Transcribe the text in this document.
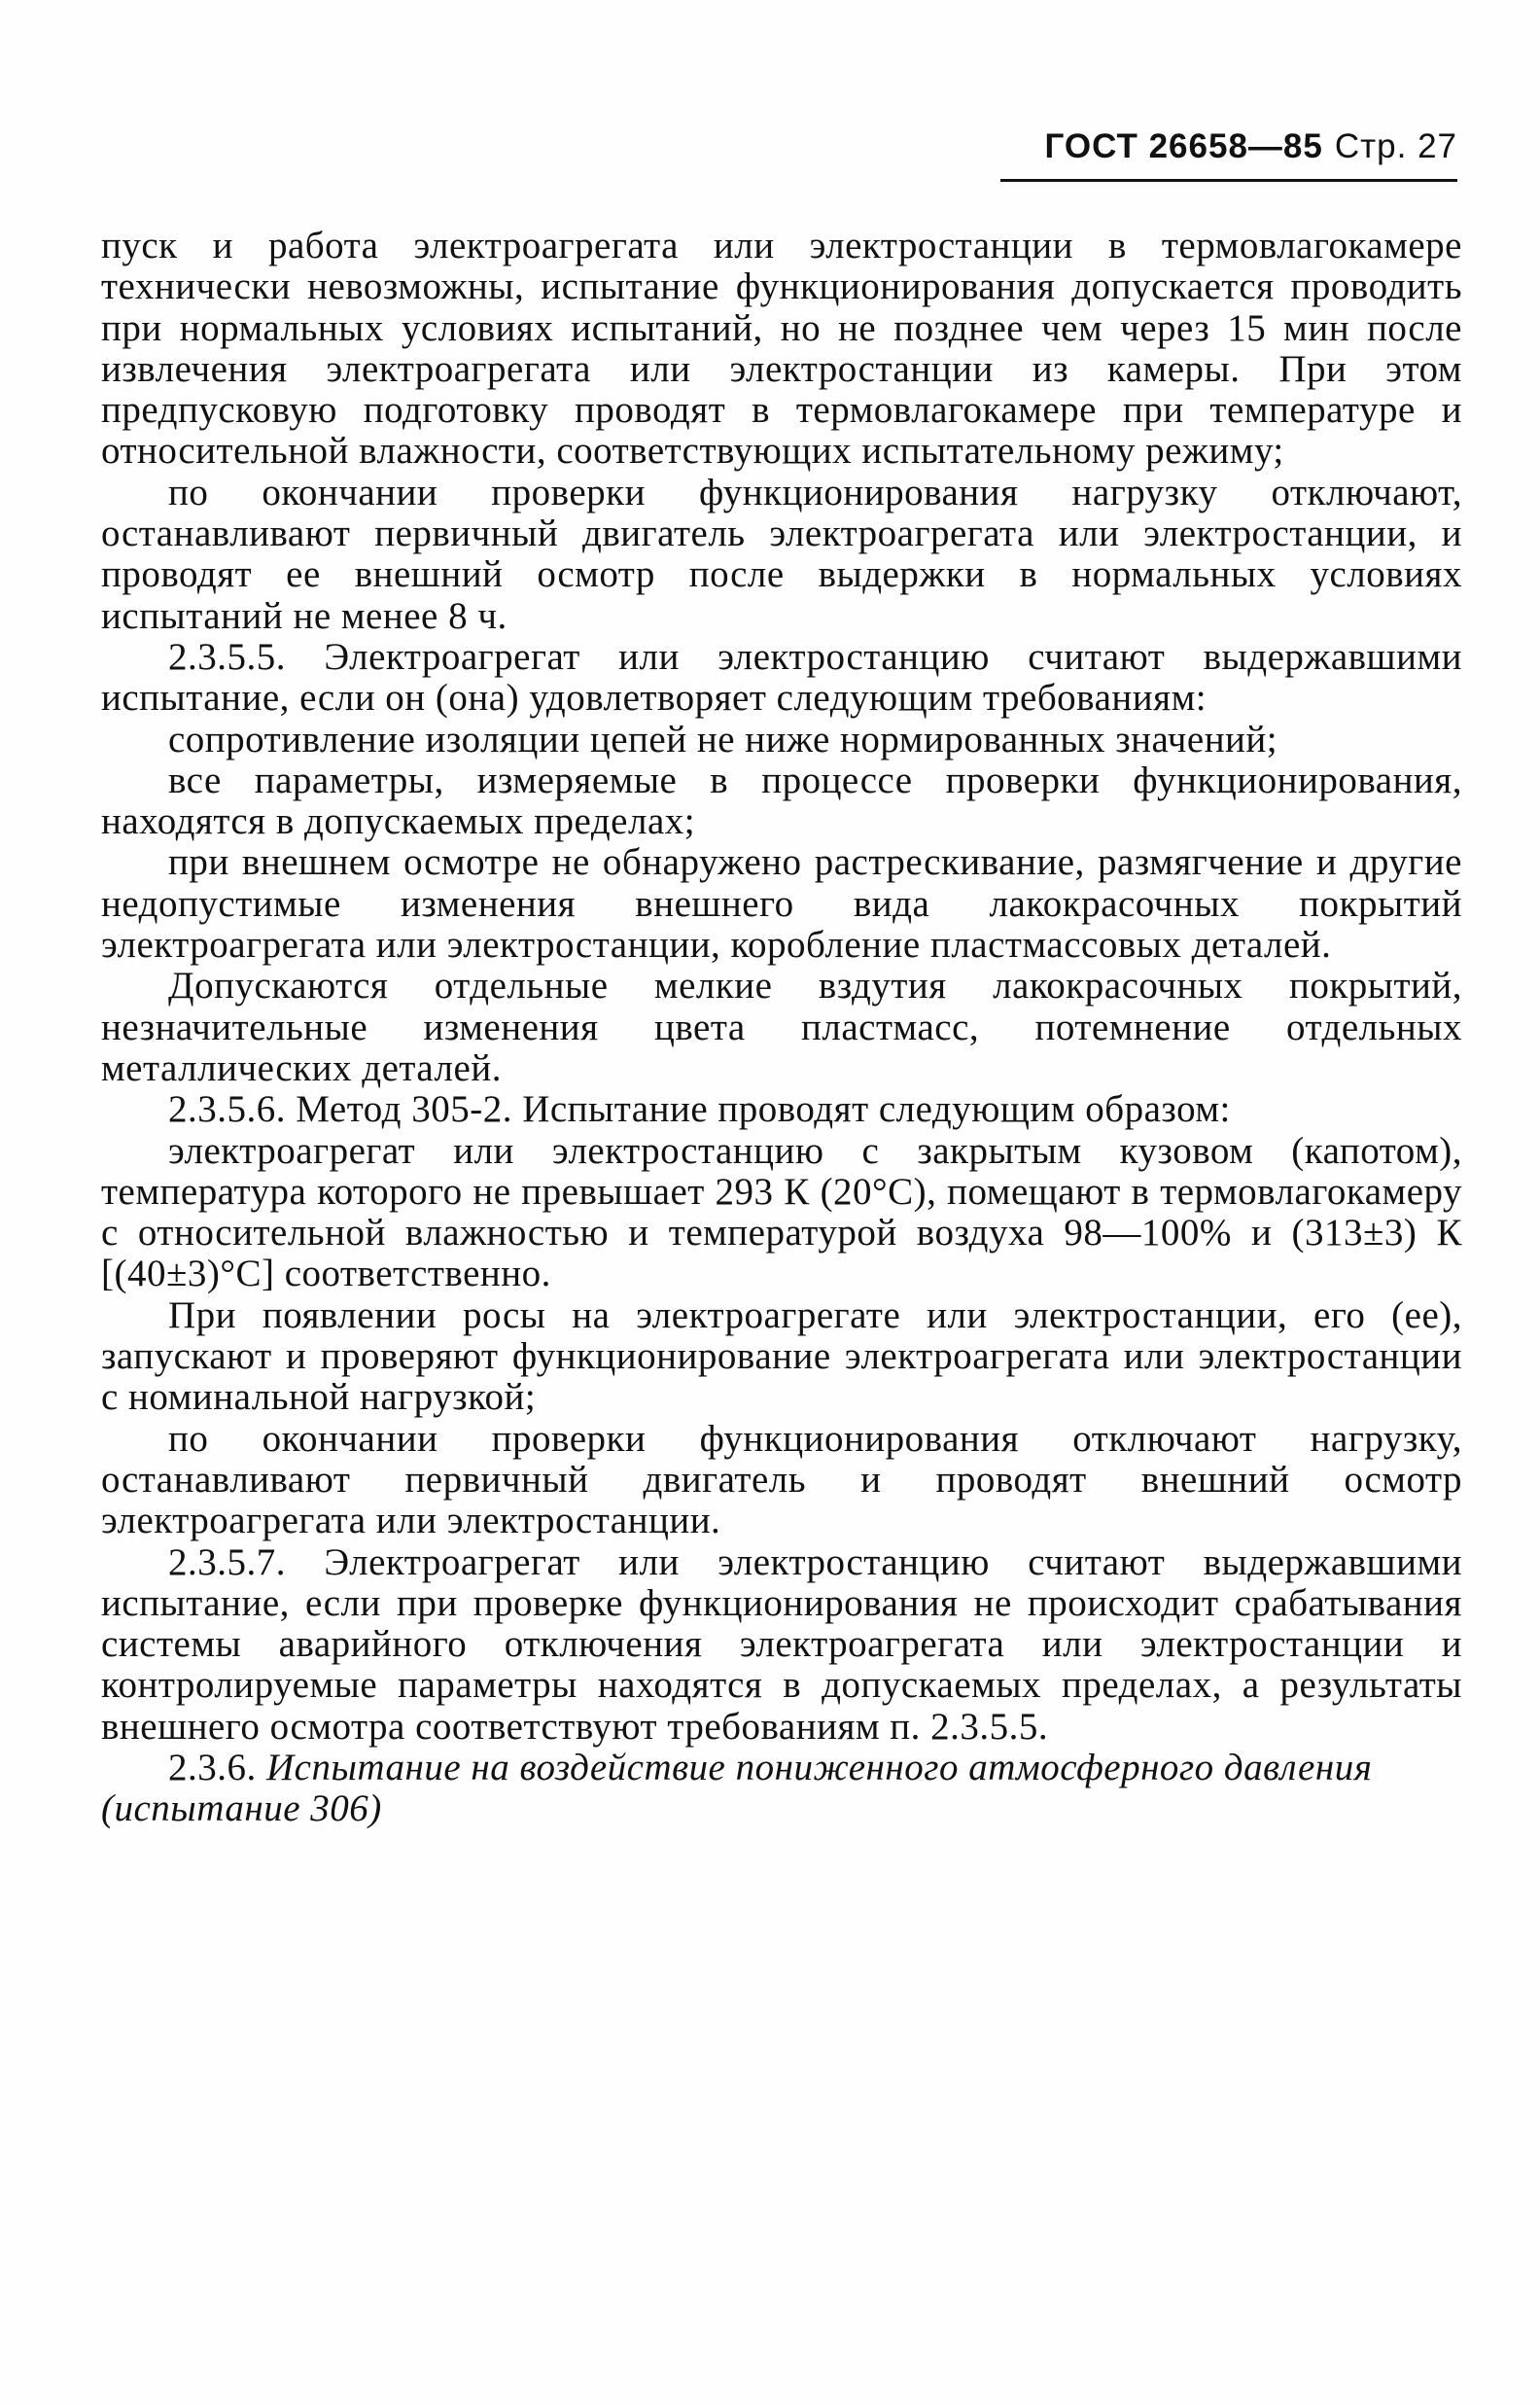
ГОСТ 26658—85 Стр. 27

пуск и работа электроагрегата или электростанции в термовлагокамере технически невозможны, испытание функционирования допускается проводить при нормальных условиях испытаний, но не позднее чем через 15 мин после извлечения электроагрегата или электростанции из камеры. При этом предпусковую подготовку проводят в термовлагокамере при температуре и относительной влажности, соответствующих испытательному режиму;

по окончании проверки функционирования нагрузку отключают, останавливают первичный двигатель электроагрегата или электростанции, и проводят ее внешний осмотр после выдержки в нормальных условиях испытаний не менее 8 ч.

2.3.5.5. Электроагрегат или электростанцию считают выдержавшими испытание, если он (она) удовлетворяет следующим требованиям:

сопротивление изоляции цепей не ниже нормированных значений;

все параметры, измеряемые в процессе проверки функционирования, находятся в допускаемых пределах;

при внешнем осмотре не обнаружено растрескивание, размягчение и другие недопустимые изменения внешнего вида лакокрасочных покрытий электроагрегата или электростанции, коробление пластмассовых деталей.

Допускаются отдельные мелкие вздутия лакокрасочных покрытий, незначительные изменения цвета пластмасс, потемнение отдельных металлических деталей.

2.3.5.6. Метод 305-2. Испытание проводят следующим образом:

электроагрегат или электростанцию с закрытым кузовом (капотом), температура которого не превышает 293 К (20°С), помещают в термовлагокамеру с относительной влажностью и температурой воздуха 98—100% и (313±3) К [(40±3)°С] соответственно.

При появлении росы на электроагрегате или электростанции, его (ее), запускают и проверяют функционирование электроагрегата или электростанции с номинальной нагрузкой;

по окончании проверки функционирования отключают нагрузку, останавливают первичный двигатель и проводят внешний осмотр электроагрегата или электростанции.

2.3.5.7. Электроагрегат или электростанцию считают выдержавшими испытание, если при проверке функционирования не происходит срабатывания системы аварийного отключения электроагрегата или электростанции и контролируемые параметры находятся в допускаемых пределах, а результаты внешнего осмотра соответствуют требованиям п. 2.3.5.5.

2.3.6. Испытание на воздействие пониженного атмосферного давления (испытание 306)
